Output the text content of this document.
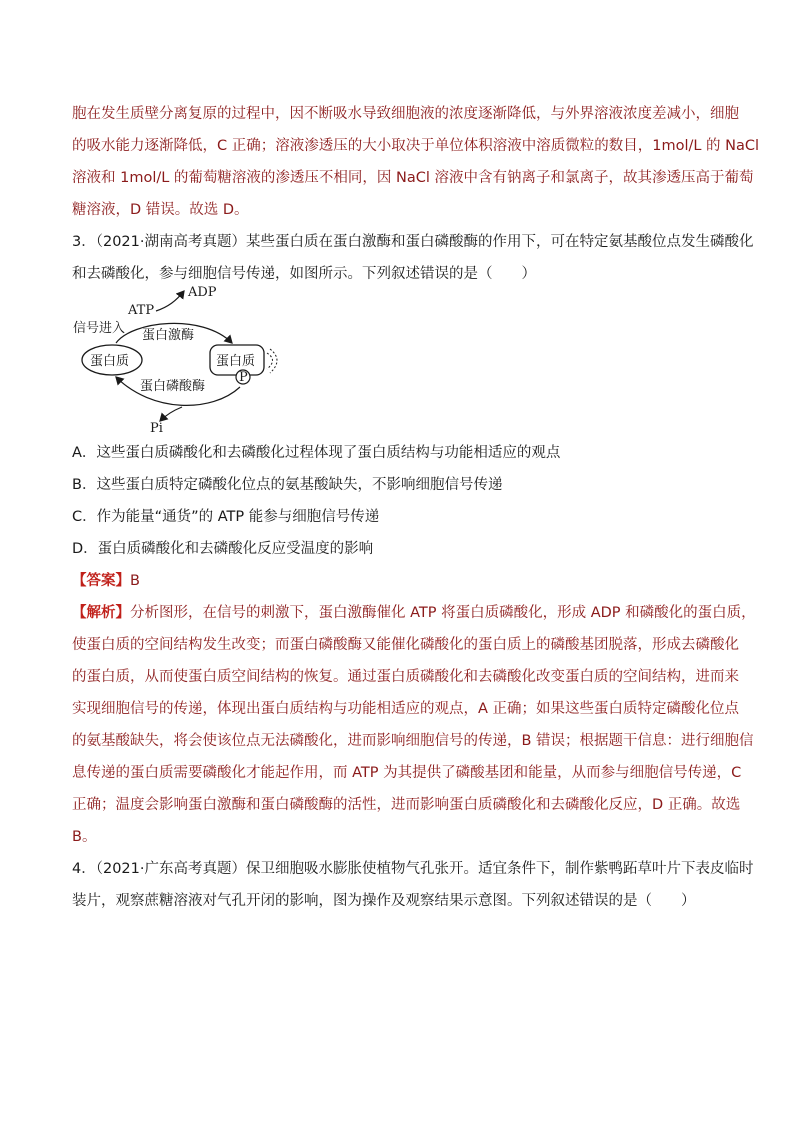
胞在发生质壁分离复原的过程中，因不断吸水导致细胞液的浓度逐渐降低，与外界溶液浓度差减小，细胞
的吸水能力逐渐降低，C 正确；溶液渗透压的大小取决于单位体积溶液中溶质微粒的数目，1mol/L 的 NaCl
溶液和 1mol/L 的葡萄糖溶液的渗透压不相同，因 NaCl 溶液中含有钠离子和氯离子，故其渗透压高于葡萄
糖溶液，D 错误。故选 D。
3．（2021·湖南高考真题）某些蛋白质在蛋白激酶和蛋白磷酸酶的作用下，可在特定氨基酸位点发生磷酸化
和去磷酸化，参与细胞信号传递，如图所示。下列叙述错误的是（　　）
ADP
ATP
信号进入 蛋白激酶
蛋白质	蛋白质
P
蛋白磷酸酶
Pi
A．这些蛋白质磷酸化和去磷酸化过程体现了蛋白质结构与功能相适应的观点
B．这些蛋白质特定磷酸化位点的氨基酸缺失，不影响细胞信号传递
C．作为能量“通货”的 ATP 能参与细胞信号传递
D．蛋白质磷酸化和去磷酸化反应受温度的影响
【答案】B
【解析】分析图形，在信号的刺激下，蛋白激酶催化 ATP 将蛋白质磷酸化，形成 ADP 和磷酸化的蛋白质，
使蛋白质的空间结构发生改变；而蛋白磷酸酶又能催化磷酸化的蛋白质上的磷酸基团脱落，形成去磷酸化
的蛋白质，从而使蛋白质空间结构的恢复。通过蛋白质磷酸化和去磷酸化改变蛋白质的空间结构，进而来
实现细胞信号的传递，体现出蛋白质结构与功能相适应的观点，A 正确；如果这些蛋白质特定磷酸化位点
的氨基酸缺失，将会使该位点无法磷酸化，进而影响细胞信号的传递，B 错误；根据题干信息：进行细胞信
息传递的蛋白质需要磷酸化才能起作用，而 ATP 为其提供了磷酸基团和能量，从而参与细胞信号传递，C
正确；温度会影响蛋白激酶和蛋白磷酸酶的活性，进而影响蛋白质磷酸化和去磷酸化反应，D 正确。故选
B。
4．（2021·广东高考真题）保卫细胞吸水膨胀使植物气孔张开。适宜条件下，制作紫鸭跖草叶片下表皮临时
装片，观察蔗糖溶液对气孔开闭的影响，图为操作及观察结果示意图。下列叙述错误的是（　　）
